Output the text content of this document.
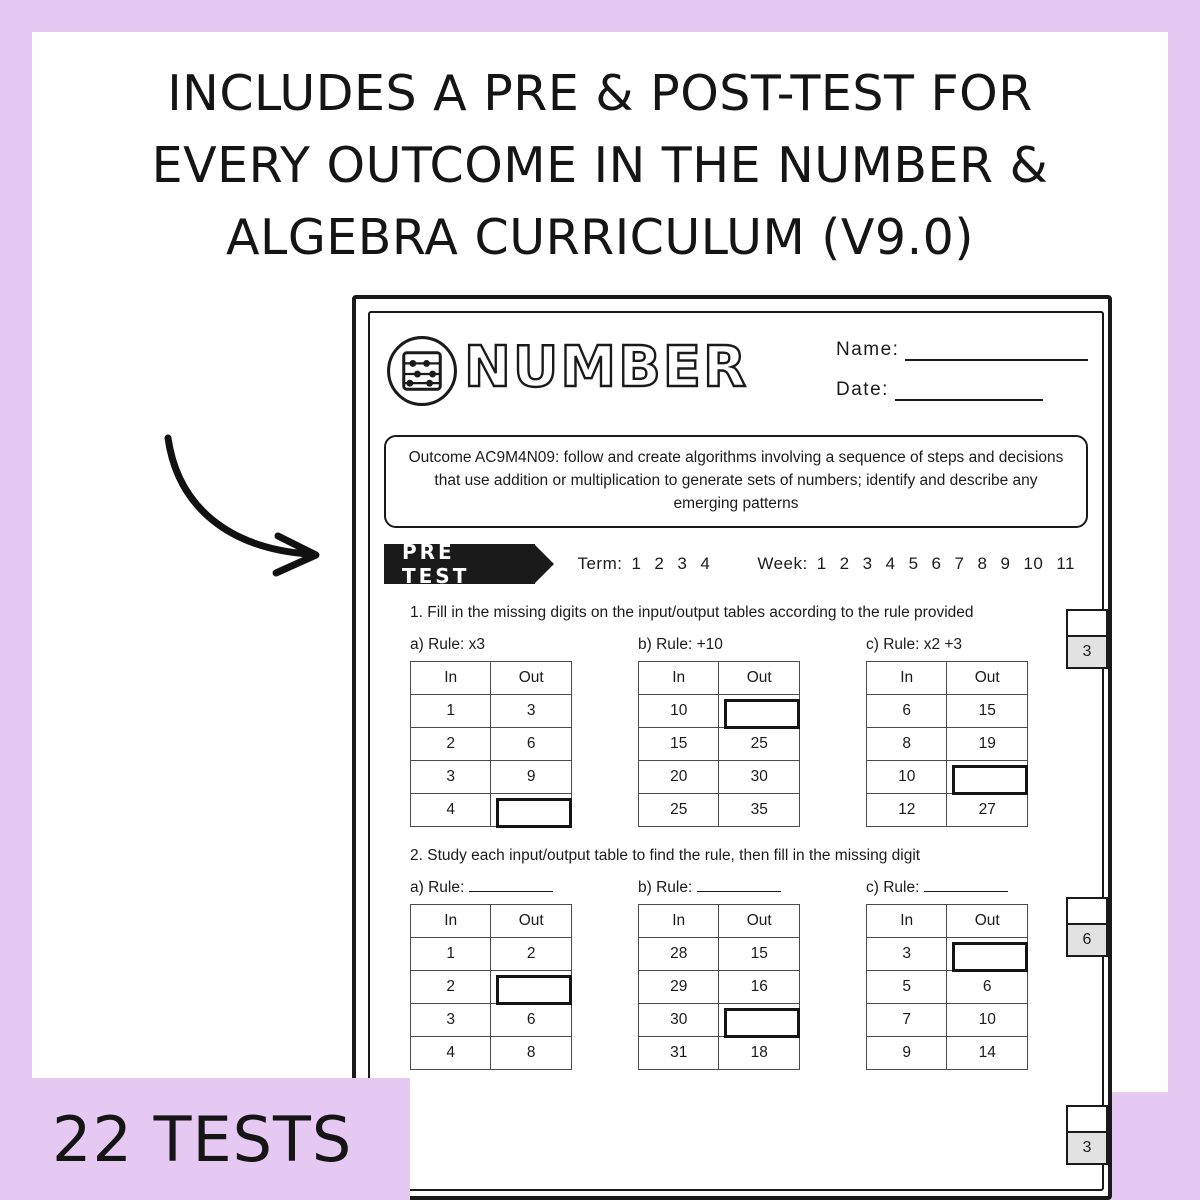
INCLUDES A PRE & POST-TEST FOR
EVERY OUTCOME IN THE NUMBER &
ALGEBRA CURRICULUM (V9.0)
NUMBER	Name:
Date:
Outcome AC9M4N09: follow and create algorithms involving a sequence of steps and decisions that use addition or multiplication to generate sets of numbers; identify and describe any emerging patterns
PRE TEST
Term: 1 2 3 4	Week: 1 2 3 4 5 6 7 8 9 10 11
1. Fill in the missing digits on the input/output tables according to the rule provided
a) Rule: x3
In	Out
1	3
2	6
3	9
4	
b) Rule: +10
In	Out
10	
15	25
20	30
25	35
c) Rule: x2 +3
In	Out
6	15
8	19
10	
12	27
2. Study each input/output table to find the rule, then fill in the missing digit
a) Rule:
In	Out
1	2
2	
3	6
4	8
b) Rule:
In	Out
28	15
29	16
30	
31	18
c) Rule:
In	Out
3	
5	6
7	10
9	14
3
6
3
22 TESTS
